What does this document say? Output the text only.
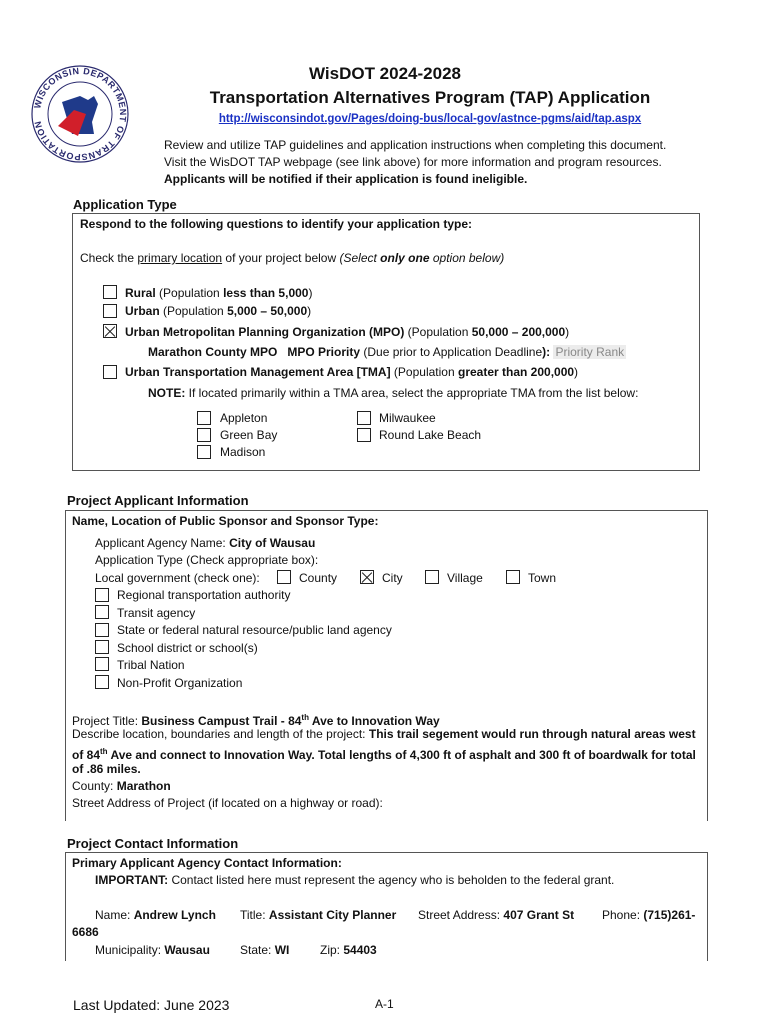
WISCONSIN DEPARTMENT OF TRANSPORTATION
WisDOT 2024-2028
Transportation Alternatives Program (TAP) Application
http://wisconsindot.gov/Pages/doing-bus/local-gov/astnce-pgms/aid/tap.aspx
Review and utilize TAP guidelines and application instructions when completing this document.
Visit the WisDOT TAP webpage (see link above) for more information and program resources.
Applicants will be notified if their application is found ineligible.
Application Type
Respond to the following questions to identify your application type:
Check the primary location of your project below (Select only one option below)
Rural (Population less than 5,000)
Urban (Population 5,000 – 50,000)
Urban Metropolitan Planning Organization (MPO) (Population 50,000 – 200,000)
Marathon County MPO MPO Priority (Due prior to Application Deadline): Priority Rank
Urban Transportation Management Area [TMA] (Population greater than 200,000)
NOTE: If located primarily within a TMA area, select the appropriate TMA from the list below:
Appleton
Green Bay
Madison
Milwaukee
Round Lake Beach
Project Applicant Information
Name, Location of Public Sponsor and Sponsor Type:
Applicant Agency Name: City of Wausau
Application Type (Check appropriate box):
Local government (check one):	County	City	Village	Town
Regional transportation authority
Transit agency
State or federal natural resource/public land agency
School district or school(s)
Tribal Nation
Non-Profit Organization
Project Title: Business Campust Trail - 84th Ave to Innovation Way
Describe location, boundaries and length of the project: This trail segement would run through natural areas west
of 84th Ave and connect to Innovation Way. Total lengths of 4,300 ft of asphalt and 300 ft of boardwalk for total
of .86 miles.
County: Marathon
Street Address of Project (if located on a highway or road):
Project Contact Information
Primary Applicant Agency Contact Information:
IMPORTANT: Contact listed here must represent the agency who is beholden to the federal grant.
Name: Andrew Lynch Title: Assistant City Planner Street Address: 407 Grant St Phone: (715)261-
6686
Municipality: Wausau	State: WI	Zip: 54403
Last Updated: June 2023	A-1
